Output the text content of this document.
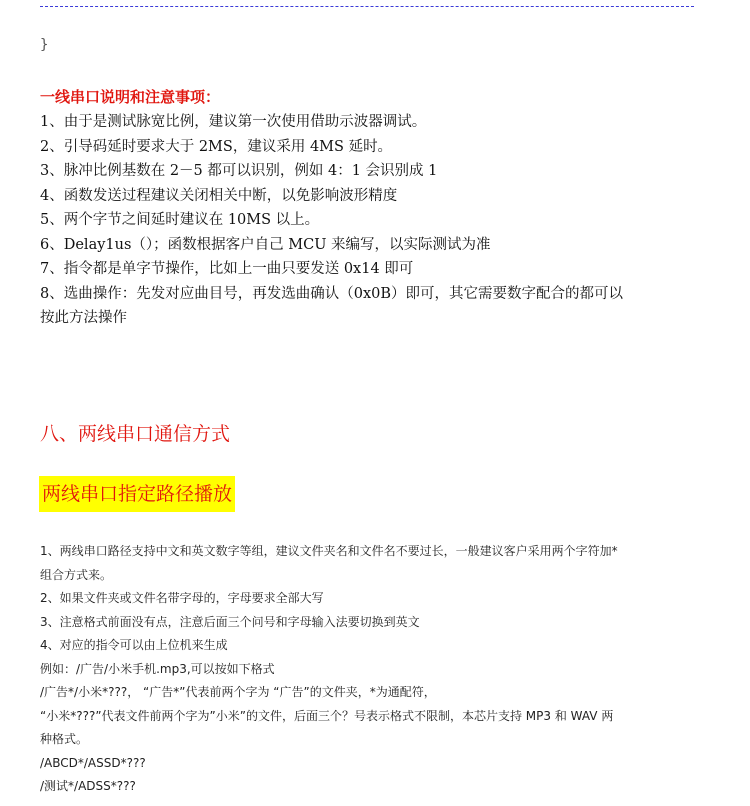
}
一线串口说明和注意事项：
1、由于是测试脉宽比例，建议第一次使用借助示波器调试。
2、引导码延时要求大于 2MS，建议采用 4MS 延时。
3、脉冲比例基数在 2－5 都可以识别，例如 4：1 会识别成 1
4、函数发送过程建议关闭相关中断，以免影响波形精度
5、两个字节之间延时建议在 10MS 以上。
6、Delay1us（）；函数根据客户自己 MCU 来编写，以实际测试为准
7、指令都是单字节操作，比如上一曲只要发送 0x14 即可
8、选曲操作：先发对应曲目号，再发选曲确认（0x0B）即可，其它需要数字配合的都可以
按此方法操作
八、两线串口通信方式
两线串口指定路径播放

1、两线串口路径支持中文和英文数字等组，建议文件夹名和文件名不要过长，一般建议客户采用两个字符加*

组合方式来。

2、如果文件夹或文件名带字母的，字母要求全部大写

3、注意格式前面没有点，注意后面三个问号和字母输入法要切换到英文

4、对应的指令可以由上位机来生成

例如：/广告/小米手机.mp3,可以按如下格式

/广告*/小米*???， “广告*”代表前两个字为 “广告”的文件夹，*为通配符，

“小米*???”代表文件前两个字为”小米”的文件，后面三个？号表示格式不限制，本芯片支持 MP3 和 WAV 两

种格式。

/ABCD*/ASSD*???

/测试*/ADSS*???
